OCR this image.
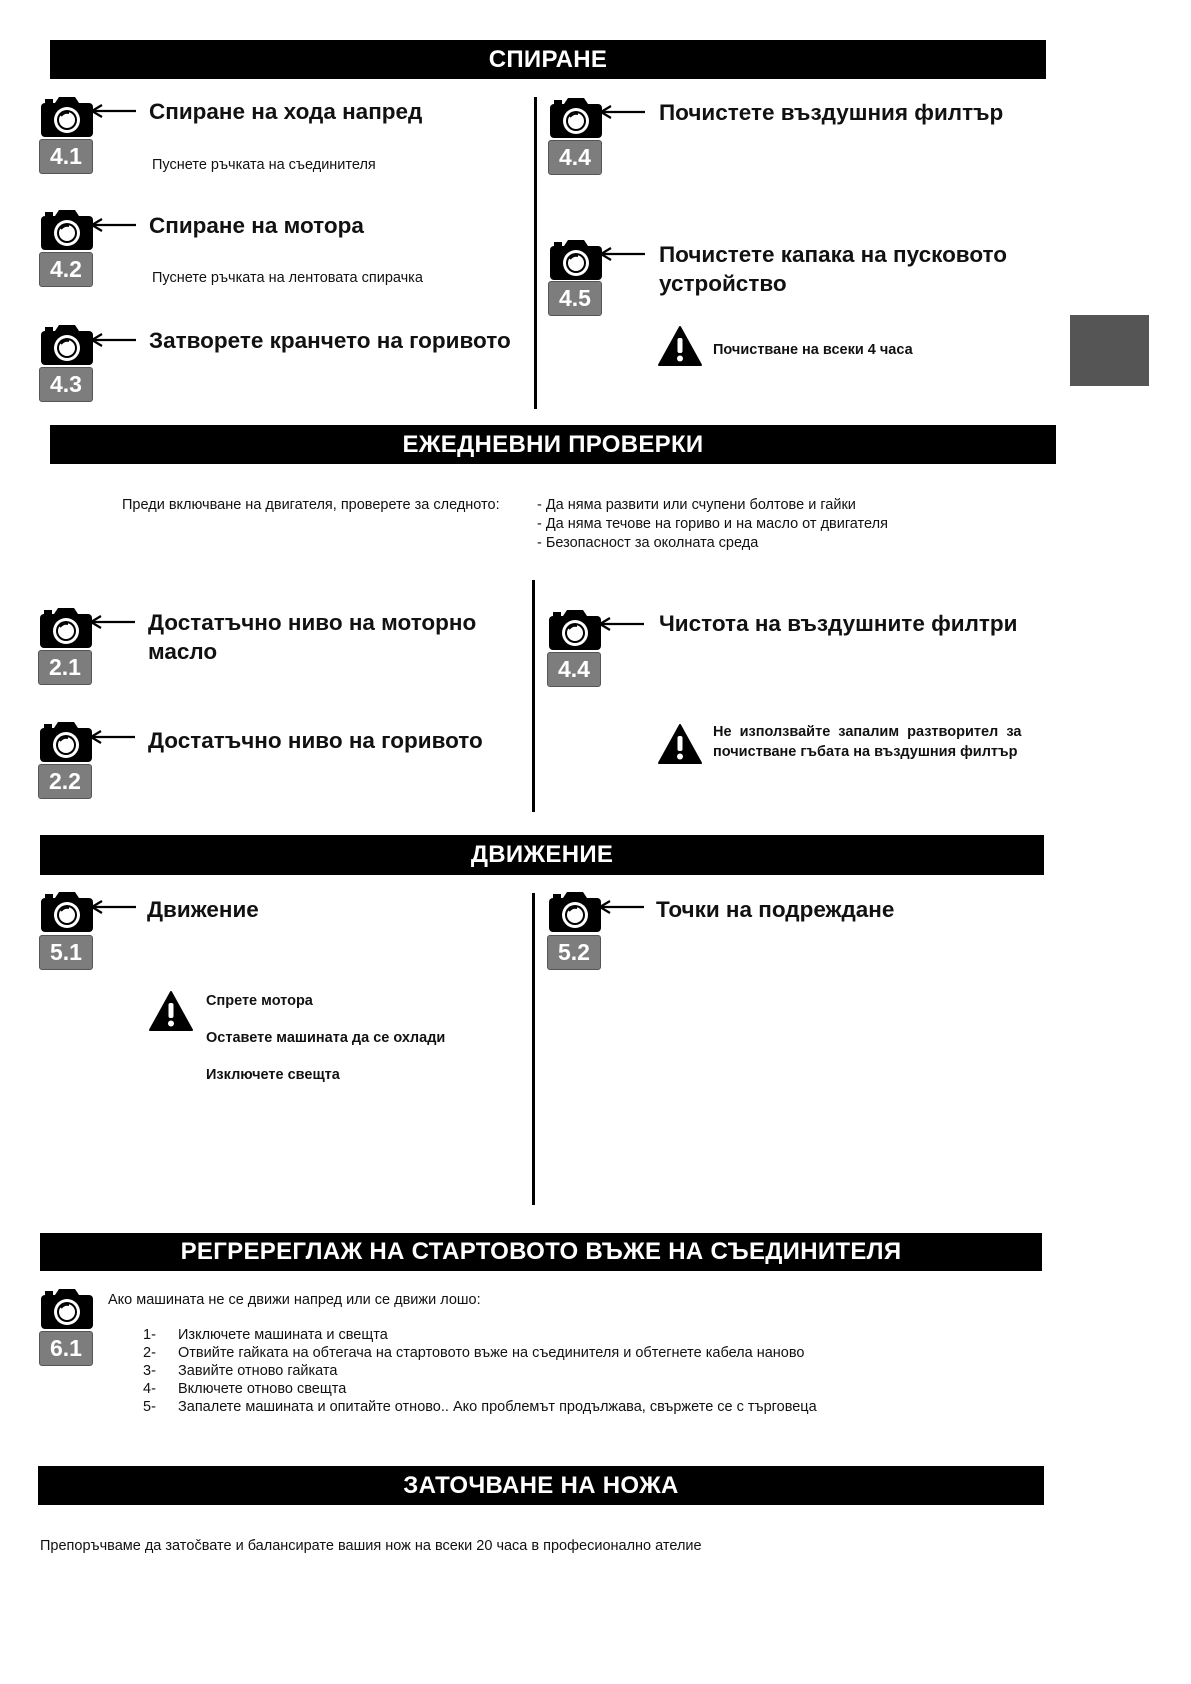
СПИРАНЕ
ЕЖЕДНЕВНИ ПРОВЕРКИ
ДВИЖЕНИЕ
РЕГРЕРЕГЛАЖ НА СТАРТОВОТО ВЪЖЕ НА СЪЕДИНИТЕЛЯ
ЗАТОЧВАНЕ НА НОЖА
4.1
Спиране на хода напред
Пуснете ръчката на съединителя
4.2
Спиране на мотора
Пуснете ръчката на лентовата спирачка
4.3
Затворете кранчето на горивото
4.4
Почистете въздушния филтър
4.5
Почистете капака на пусковото
устройство
Почистване на всеки 4 часа
Преди включване на двигателя, проверете за следното:	- Да няма развити или счупени болтове и гайки
- Да няма течове на гориво и на масло от двигателя
- Безопасност за околната среда
2.1
Достатъчно ниво на моторно
масло
2.2
Достатъчно ниво на горивото
4.4
Чистота на въздушните филтри
Не  използвайте  запалим  разтворител  за
почистване гъбата на въздушния филтър
5.1
Движение
Спрете мотора
Оставете машината да се охлади
Изключете свещта
5.2
Точки на подреждане
6.1
Ако машината не се движи напред или се движи лошо:
1- Изключете машината и свещта
2- Отвийте гайката на обтегача на стартовото въже на съединителя и обтегнете кабела наново
3- Завийте отново гайката
4- Включете отново свещта
5- Запалете машината и опитайте отново.. Ако проблемът продължава, свържете се с търговеца
Препоръчваме да затočвате и балансирате вашия нож на всеки 20 часа в професионално ателие
